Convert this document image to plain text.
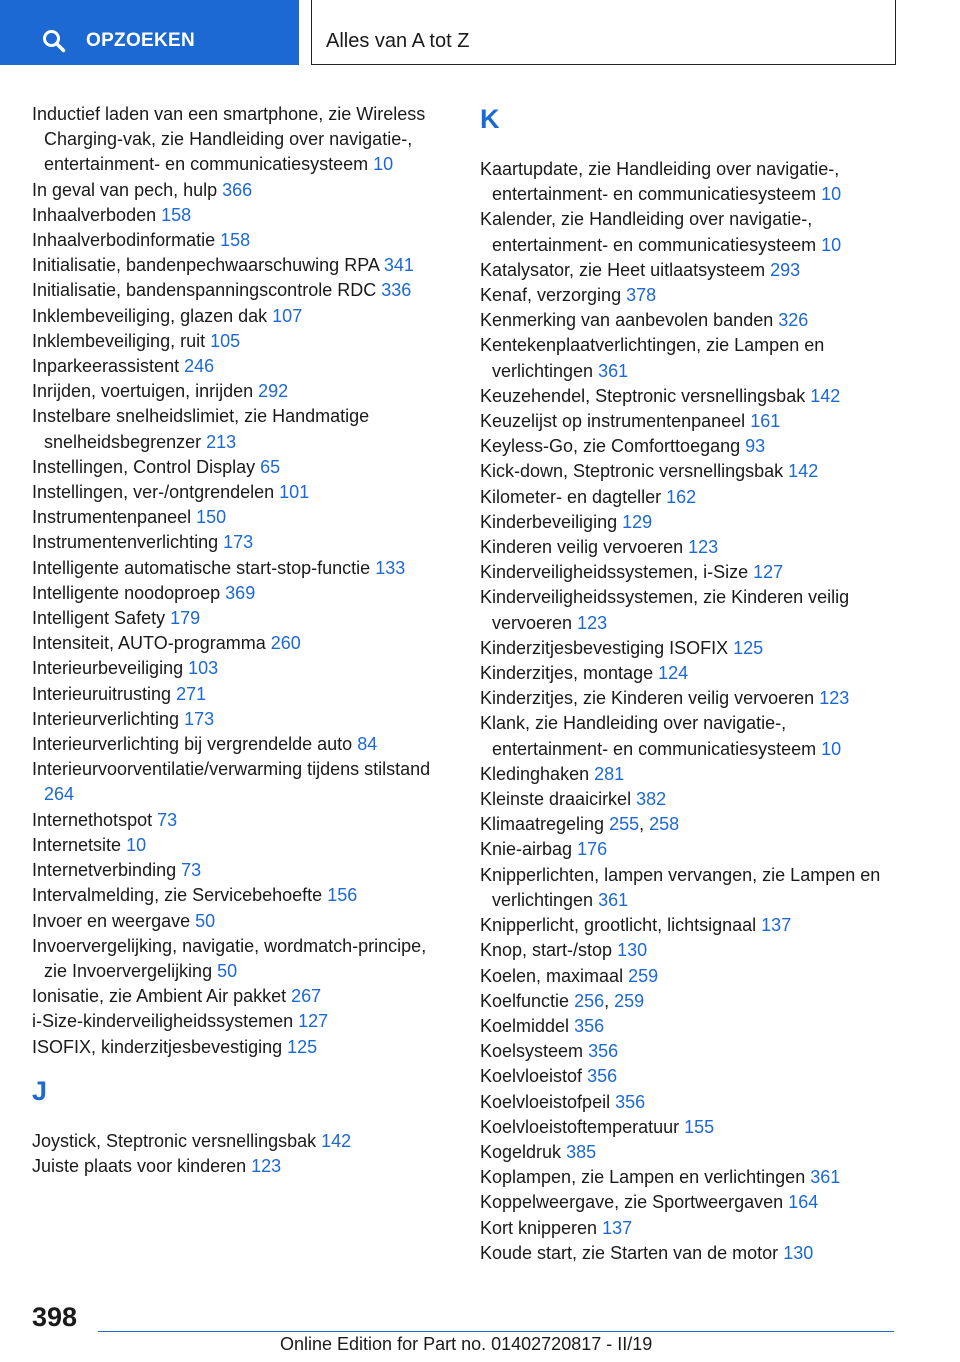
OPZOEKEN	Alles van A tot Z
Inductief laden van een smartphone, zie Wireless Charging-vak, zie Handleiding over navigatie-, entertainment- en communicatiesysteem 10
In geval van pech, hulp 366
Inhaalverboden 158
Inhaalverbodinformatie 158
Initialisatie, bandenpechwaarschuwing RPA 341
Initialisatie, bandenspanningscontrole RDC 336
Inklembeveiliging, glazen dak 107
Inklembeveiliging, ruit 105
Inparkeerassistent 246
Inrijden, voertuigen, inrijden 292
Instelbare snelheidslimiet, zie Handmatige snelheidsbegrenzer 213
Instellingen, Control Display 65
Instellingen, ver-/ontgrendelen 101
Instrumentenpaneel 150
Instrumentenverlichting 173
Intelligente automatische start-stop-functie 133
Intelligente noodoproep 369
Intelligent Safety 179
Intensiteit, AUTO-programma 260
Interieurbeveiliging 103
Interieuruitrusting 271
Interieurverlichting 173
Interieurverlichting bij vergrendelde auto 84
Interieurvoorventilatie/verwarming tijdens stilstand 264
Internethotspot 73
Internetsite 10
Internetverbinding 73
Intervalmelding, zie Servicebehoefte 156
Invoer en weergave 50
Invoervergelijking, navigatie, wordmatch-principe, zie Invoervergelijking 50
Ionisatie, zie Ambient Air pakket 267
i-Size-kinderveiligheidssystemen 127
ISOFIX, kinderzitjesbevestiging 125
J
Joystick, Steptronic versnellingsbak 142
Juiste plaats voor kinderen 123
K
Kaartupdate, zie Handleiding over navigatie-, entertainment- en communicatiesysteem 10
Kalender, zie Handleiding over navigatie-, entertainment- en communicatiesysteem 10
Katalysator, zie Heet uitlaatsysteem 293
Kenaf, verzorging 378
Kenmerking van aanbevolen banden 326
Kentekenplaatverlichtingen, zie Lampen en verlichtingen 361
Keuzehendel, Steptronic versnellingsbak 142
Keuzelijst op instrumentenpaneel 161
Keyless-Go, zie Comforttoegang 93
Kick-down, Steptronic versnellingsbak 142
Kilometer- en dagteller 162
Kinderbeveiliging 129
Kinderen veilig vervoeren 123
Kinderveiligheidssystemen, i-Size 127
Kinderveiligheidssystemen, zie Kinderen veilig vervoeren 123
Kinderzitjesbevestiging ISOFIX 125
Kinderzitjes, montage 124
Kinderzitjes, zie Kinderen veilig vervoeren 123
Klank, zie Handleiding over navigatie-, entertainment- en communicatiesysteem 10
Kledinghaken 281
Kleinste draaicirkel 382
Klimaatregeling 255, 258
Knie-airbag 176
Knipperlichten, lampen vervangen, zie Lampen en verlichtingen 361
Knipperlicht, grootlicht, lichtsignaal 137
Knop, start-/stop 130
Koelen, maximaal 259
Koelfunctie 256, 259
Koelmiddel 356
Koelsysteem 356
Koelvloeistof 356
Koelvloeistofpeil 356
Koelvloeistoftemperatuur 155
Kogeldruk 385
Koplampen, zie Lampen en verlichtingen 361
Koppelweergave, zie Sportweergaven 164
Kort knipperen 137
Koude start, zie Starten van de motor 130
398
Online Edition for Part no. 01402720817 - II/19
